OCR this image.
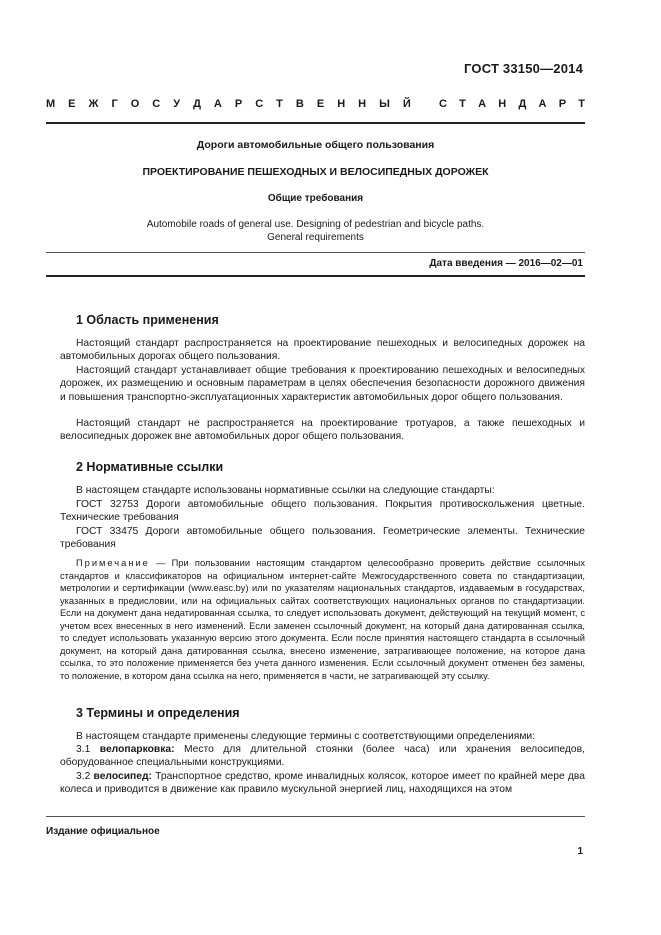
ГОСТ 33150—2014
М Е Ж Г О С У Д А Р С Т В Е Н Н Ы Й	С Т А Н Д А Р Т
Дороги автомобильные общего пользования
ПРОЕКТИРОВАНИЕ ПЕШЕХОДНЫХ И ВЕЛОСИПЕДНЫХ ДОРОЖЕК
Общие требования
Automobile roads of general use. Designing of pedestrian and bicycle paths.
General requirements
Дата введения — 2016—02—01
1 Область применения

Настоящий стандарт распространяется на проектирование пешеходных и велосипедных дорожек на автомобильных дорогах общего пользования.

Настоящий стандарт устанавливает общие требования к проектированию пешеходных и велосипедных дорожек, их размещению и основным параметрам в целях обеспечения безопасности дорожного движения и повышения транспортно-эксплуатационных характеристик автомобильных дорог общего пользования.

Настоящий стандарт не распространяется на проектирование тротуаров, а также пешеходных и велосипедных дорожек вне автомобильных дорог общего пользования.

2 Нормативные ссылки

В настоящем стандарте использованы нормативные ссылки на следующие стандарты:

ГОСТ 32753 Дороги автомобильные общего пользования. Покрытия противоскольжения цветные. Технические требования

ГОСТ 33475 Дороги автомобильные общего пользования. Геометрические элементы. Технические требования

Примечание — При пользовании настоящим стандартом целесообразно проверить действие ссылочных стандартов и классификаторов на официальном интернет-сайте Межгосударственного совета по стандартизации, метрологии и сертификации (www.easc.by) или по указателям национальных стандартов, издаваемым в государствах, указанных в предисловии, или на официальных сайтах соответствующих национальных органов по стандартизации. Если на документ дана недатированная ссылка, то следует использовать документ, действующий на текущий момент, с учетом всех внесенных в него изменений. Если заменен ссылочный документ, на который дана датированная ссылка, то следует использовать указанную версию этого документа. Если после принятия настоящего стандарта в ссылочный документ, на который дана датированная ссылка, внесено изменение, затрагивающее положение, на которое дана ссылка, то это положение применяется без учета данного изменения. Если ссылочный документ отменен без замены, то положение, в котором дана ссылка на него, применяется в части, не затрагивающей эту ссылку.

3 Термины и определения

В настоящем стандарте применены следующие термины с соответствующими определениями:

3.1 велопарковка: Место для длительной стоянки (более часа) или хранения велосипедов, оборудованное специальными конструкциями.

3.2 велосипед: Транспортное средство, кроме инвалидных колясок, которое имеет по крайней мере два колеса и приводится в движение как правило мускульной энергией лиц, находящихся на этом

Издание официальное
1
